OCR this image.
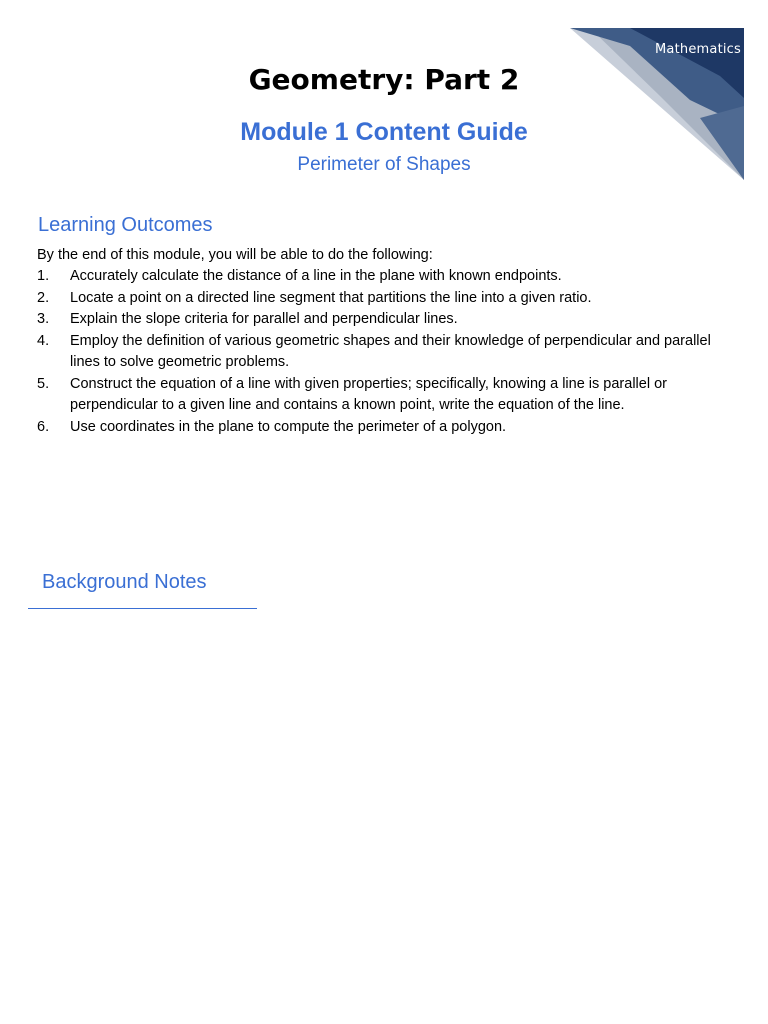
Mathematics
Geometry: Part 2
Module 1 Content Guide
Perimeter of Shapes
Learning Outcomes

By the end of this module, you will be able to do the following:

1. Accurately calculate the distance of a line in the plane with known endpoints.
2. Locate a point on a directed line segment that partitions the line into a given ratio.
3. Explain the slope criteria for parallel and perpendicular lines.
4. Employ the definition of various geometric shapes and their knowledge of perpendicular and parallel lines to solve geometric problems.
5. Construct the equation of a line with given properties; specifically, knowing a line is parallel or perpendicular to a given line and contains a known point, write the equation of the line.
6. Use coordinates in the plane to compute the perimeter of a polygon.
Background Notes
